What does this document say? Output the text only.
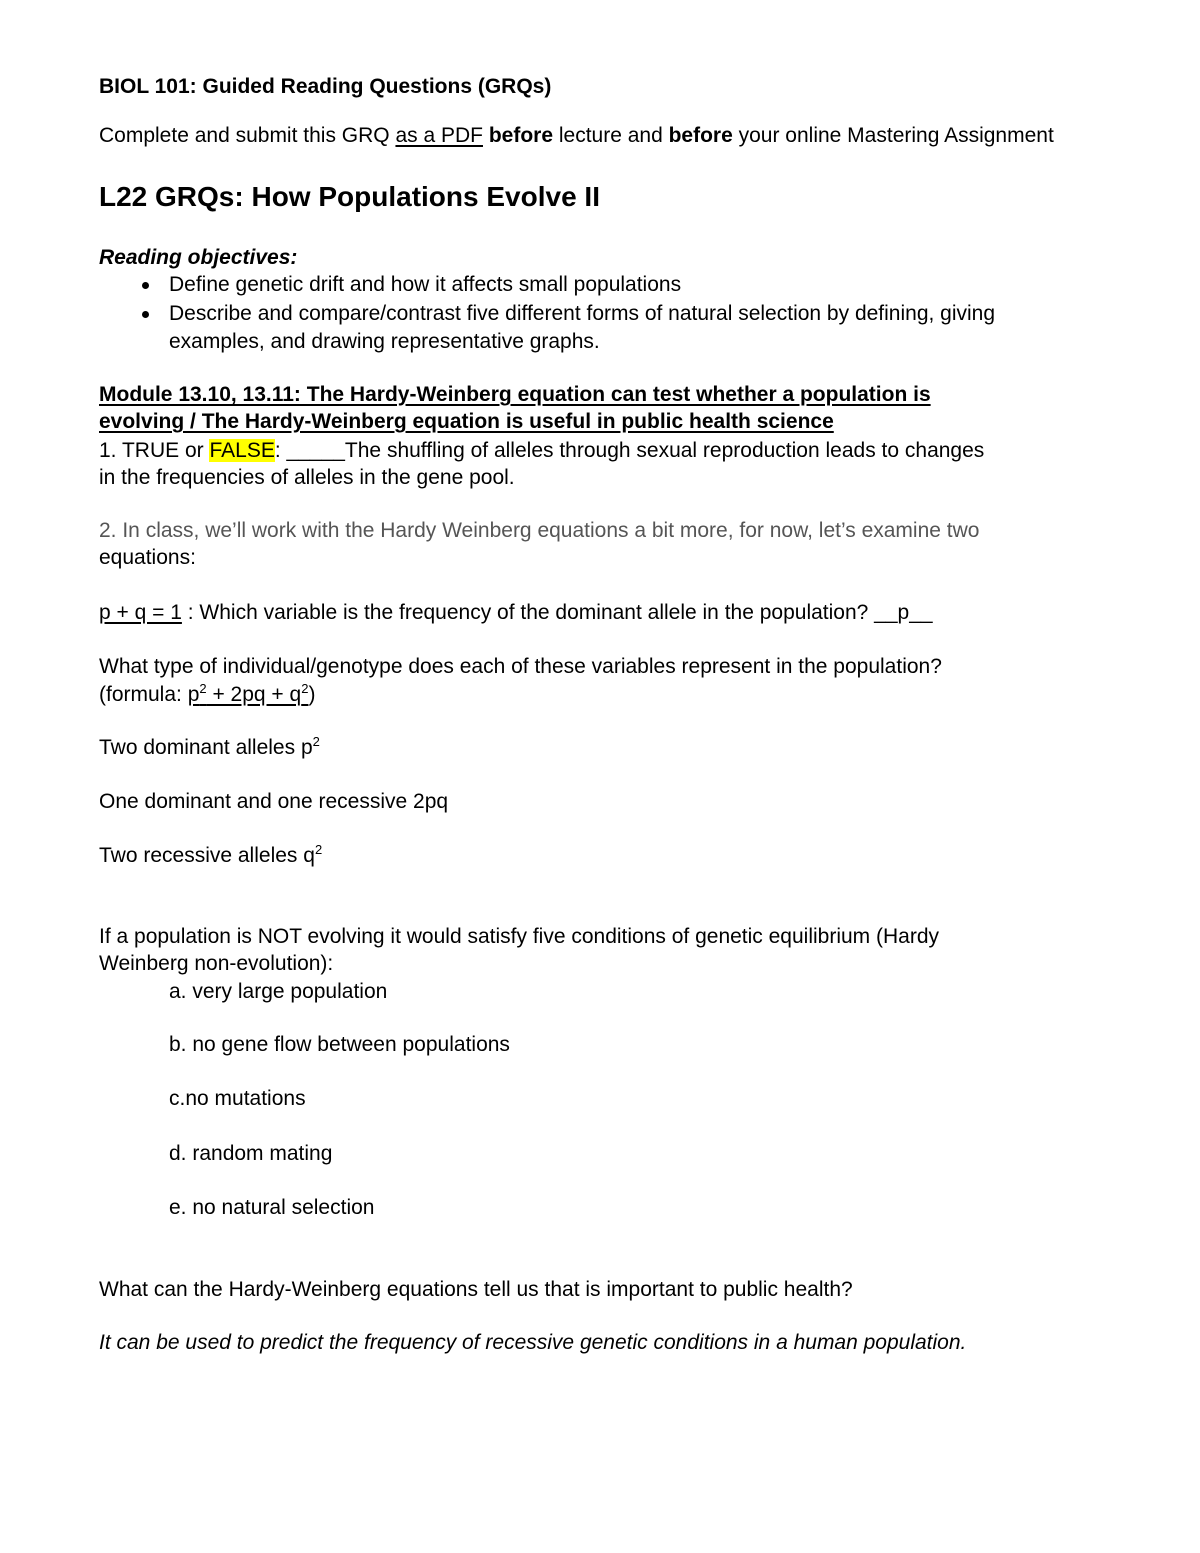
BIOL 101: Guided Reading Questions (GRQs)

Complete and submit this GRQ as a PDF before lecture and before your online Mastering Assignment

L22 GRQs: How Populations Evolve II

Reading objectives:

Define genetic drift and how it affects small populations

Describe and compare/contrast five different forms of natural selection by defining, giving

examples, and drawing representative graphs.

Module 13.10, 13.11: The Hardy-Weinberg equation can test whether a population is

evolving / The Hardy-Weinberg equation is useful in public health science

1. TRUE or FALSE: _____The shuffling of alleles through sexual reproduction leads to changes

in the frequencies of alleles in the gene pool.

2. In class, we’ll work with the Hardy Weinberg equations a bit more, for now, let’s examine two

equations:

p + q = 1 : Which variable is the frequency of the dominant allele in the population? __p__

What type of individual/genotype does each of these variables represent in the population?

(formula: $p^2 + 2pq + q^2$)

Two dominant alleles $p^2$

One dominant and one recessive 2pq

Two recessive alleles $q^2$

If a population is NOT evolving it would satisfy five conditions of genetic equilibrium (Hardy

Weinberg non-evolution):

a. very large population

b. no gene flow between populations

c.no mutations

d. random mating

e. no natural selection

What can the Hardy-Weinberg equations tell us that is important to public health?

It can be used to predict the frequency of recessive genetic conditions in a human population.
